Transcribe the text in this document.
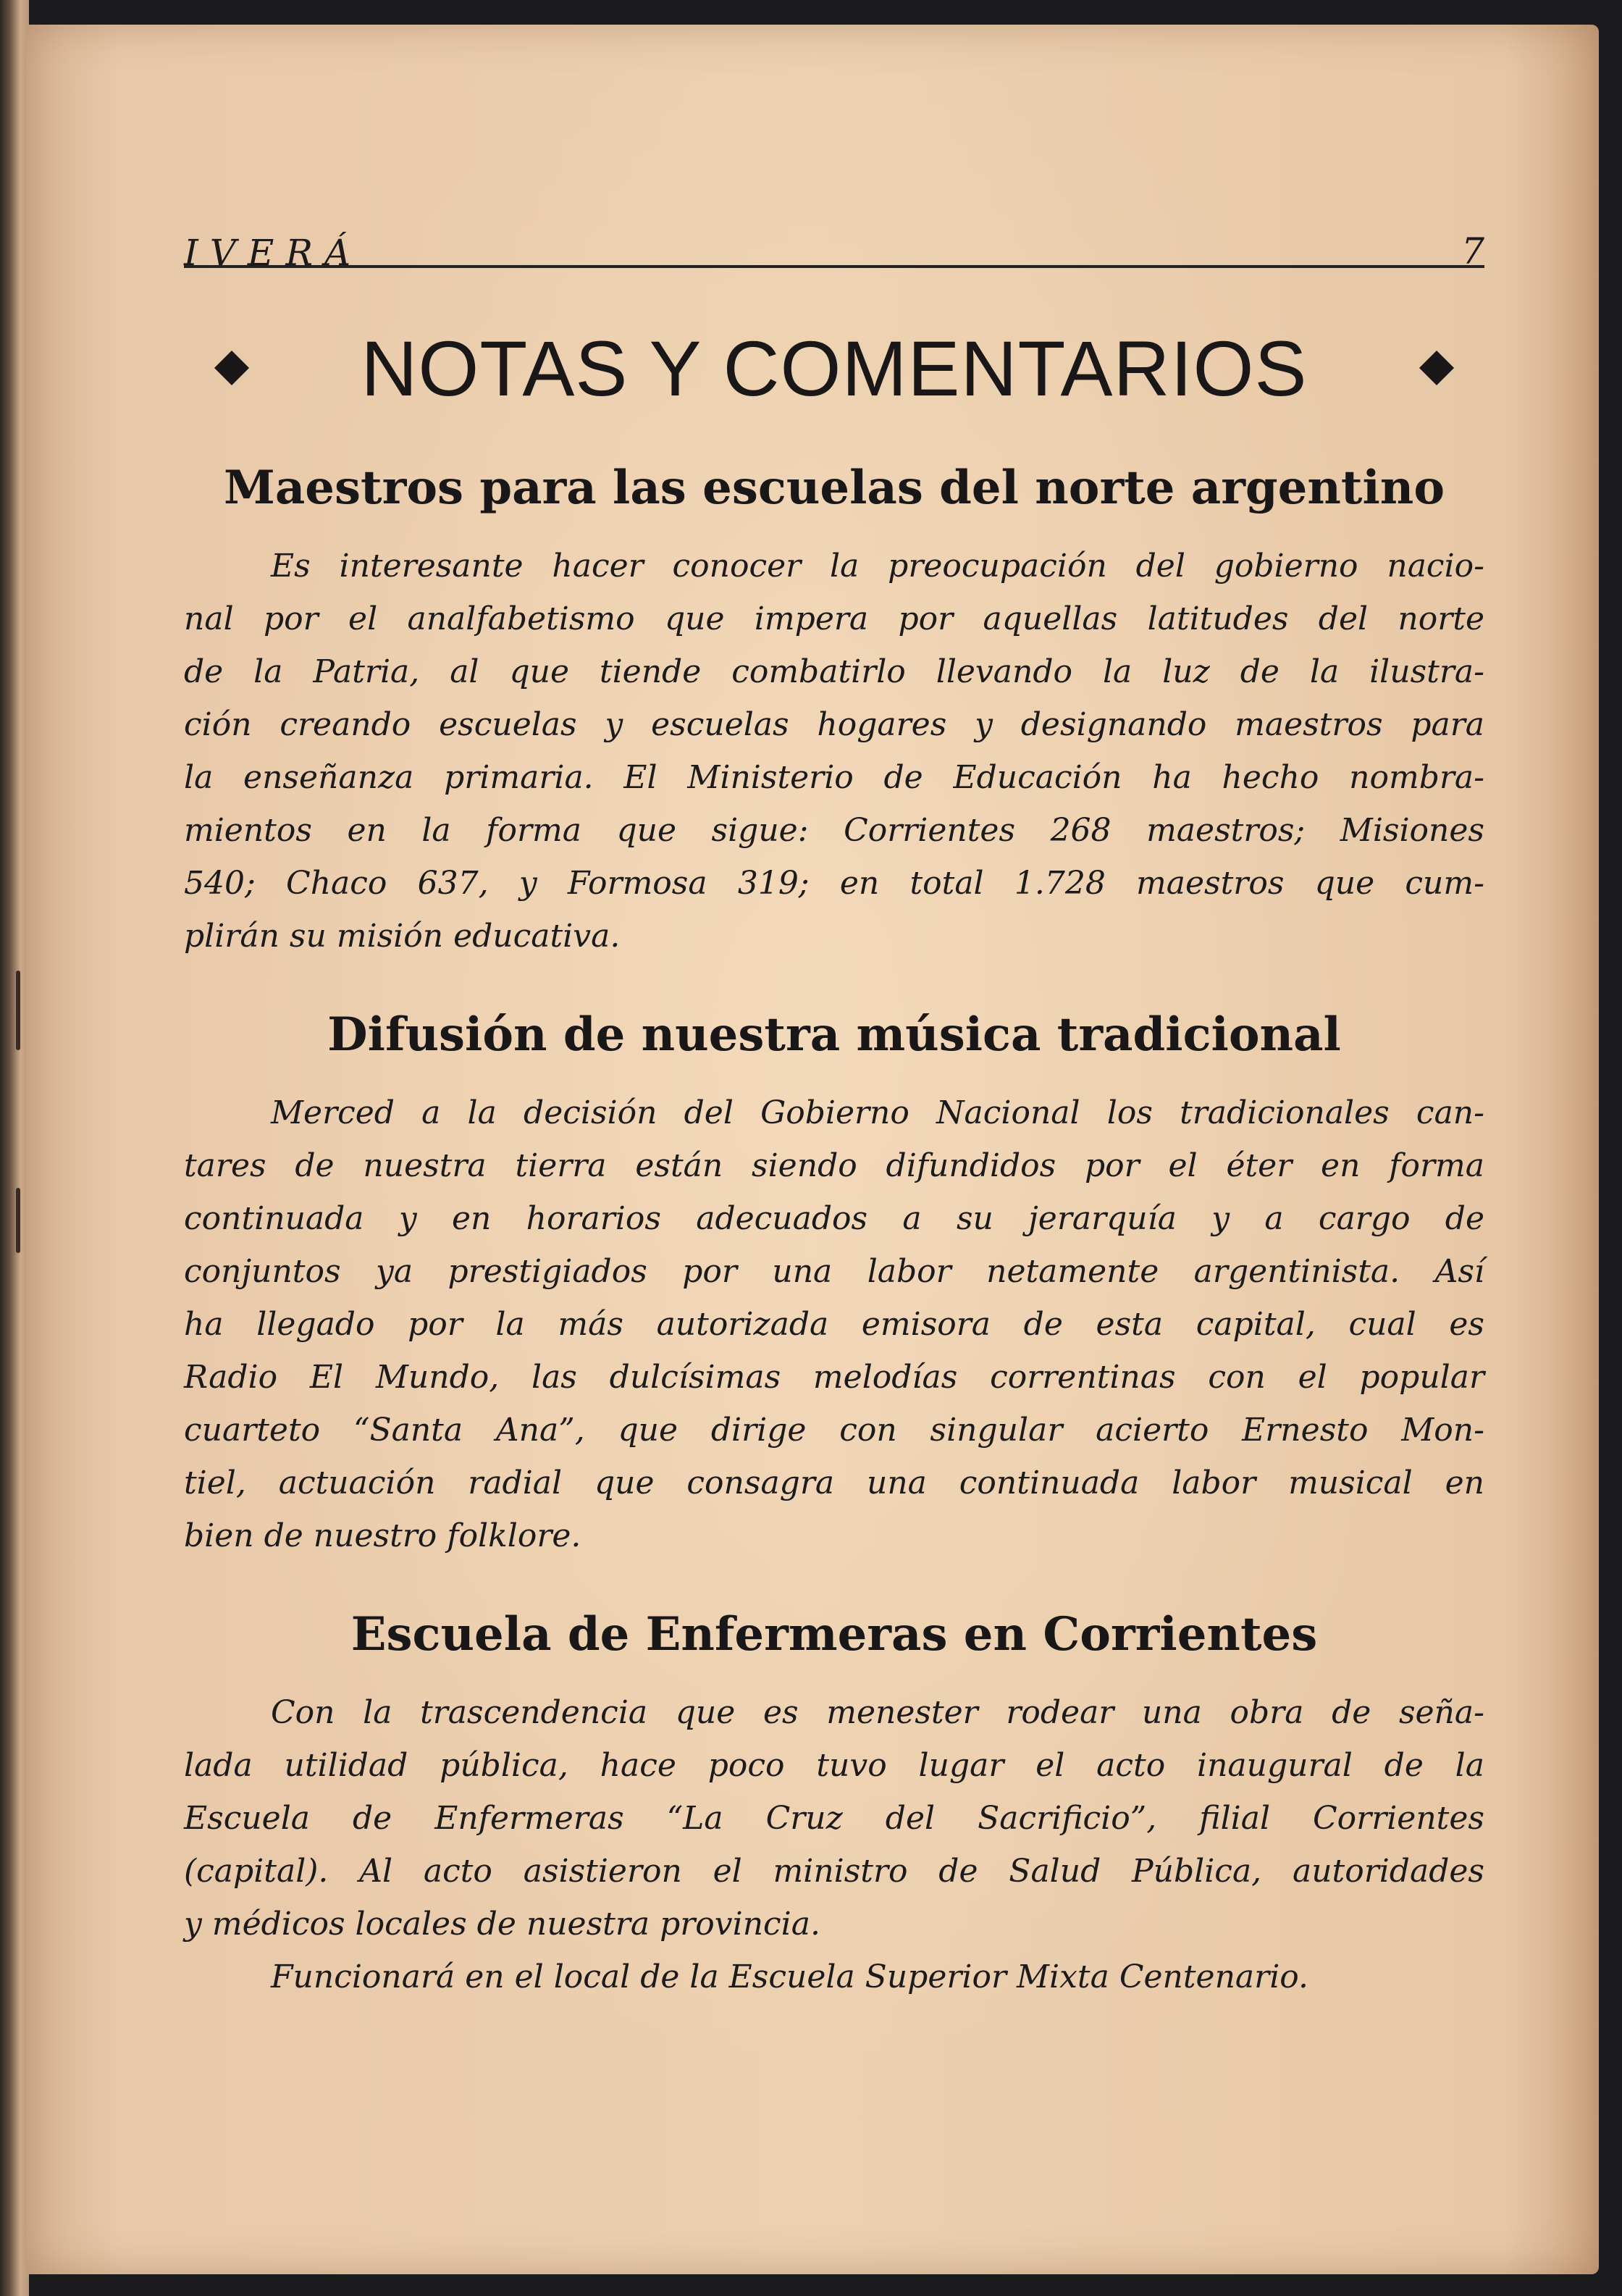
IVERÁ	7
NOTAS Y COMENTARIOS
Maestros para las escuelas del norte argentino
Es interesante hacer conocer la preocupación del gobierno nacio-
nal por el analfabetismo que impera por aquellas latitudes del norte
de la Patria, al que tiende combatirlo llevando la luz de la ilustra-
ción creando escuelas y escuelas hogares y designando maestros para
la enseñanza primaria. El Ministerio de Educación ha hecho nombra-
mientos en la forma que sigue: Corrientes 268 maestros; Misiones
540; Chaco 637, y Formosa 319; en total 1.728 maestros que cum-
plirán su misión educativa.
Difusión de nuestra música tradicional
Merced a la decisión del Gobierno Nacional los tradicionales can-
tares de nuestra tierra están siendo difundidos por el éter en forma
continuada y en horarios adecuados a su jerarquía y a cargo de
conjuntos ya prestigiados por una labor netamente argentinista. Así
ha llegado por la más autorizada emisora de esta capital, cual es
Radio El Mundo, las dulcísimas melodías correntinas con el popular
cuarteto “Santa Ana”, que dirige con singular acierto Ernesto Mon-
tiel, actuación radial que consagra una continuada labor musical en
bien de nuestro folklore.
Escuela de Enfermeras en Corrientes
Con la trascendencia que es menester rodear una obra de seña-
lada utilidad pública, hace poco tuvo lugar el acto inaugural de la
Escuela de Enfermeras “La Cruz del Sacrificio”, filial Corrientes
(capital). Al acto asistieron el ministro de Salud Pública, autoridades
y médicos locales de nuestra provincia.
Funcionará en el local de la Escuela Superior Mixta Centenario.
